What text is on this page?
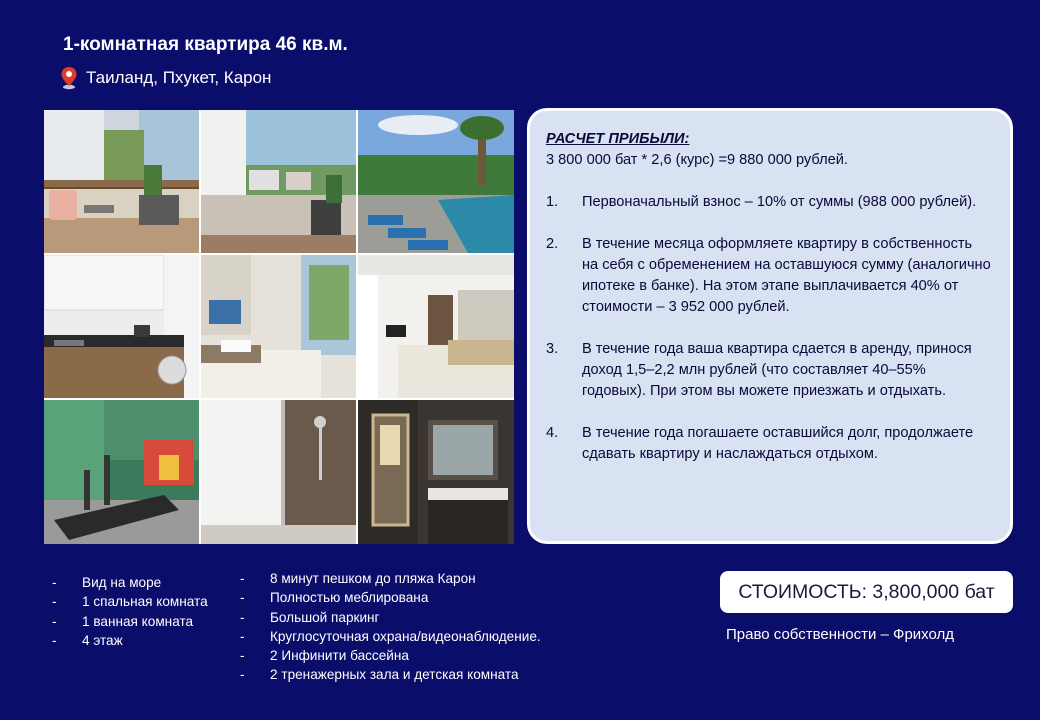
1-комнатная квартира 46 кв.м.
Таиланд, Пхукет, Карон
РАСЧЕТ ПРИБЫЛИ:
3 800 000 бат * 2,6 (курс) =9 880 000 рублей.
1.	Первоначальный взнос – 10% от суммы (988 000 рублей).
2.	В течение месяца оформляете квартиру в собственность на себя с обременением на оставшуюся сумму (аналогично ипотеке в банке). На этом этапе выплачивается 40% от стоимости – 3 952 000 рублей.
3.	В течение года ваша квартира сдается в аренду, принося доход 1,5–2,2 млн рублей (что составляет 40–55% годовых). При этом вы можете приезжать и отдыхать.
4.	В течение года погашаете оставшийся долг, продолжаете сдавать квартиру и наслаждаться отдыхом.
-	Вид на море
-	1 спальная комната
-	1 ванная комната
-	4 этаж
-	8 минут пешком до пляжа Карон
-	Полностью меблирована
-	Большой паркинг
-	Круглосуточная охрана/видеонаблюдение.
-	2 Инфинити бассейна
-	2 тренажерных зала и детская комната
СТОИМОСТЬ: 3,800,000 бат
Право собственности – Фрихолд
